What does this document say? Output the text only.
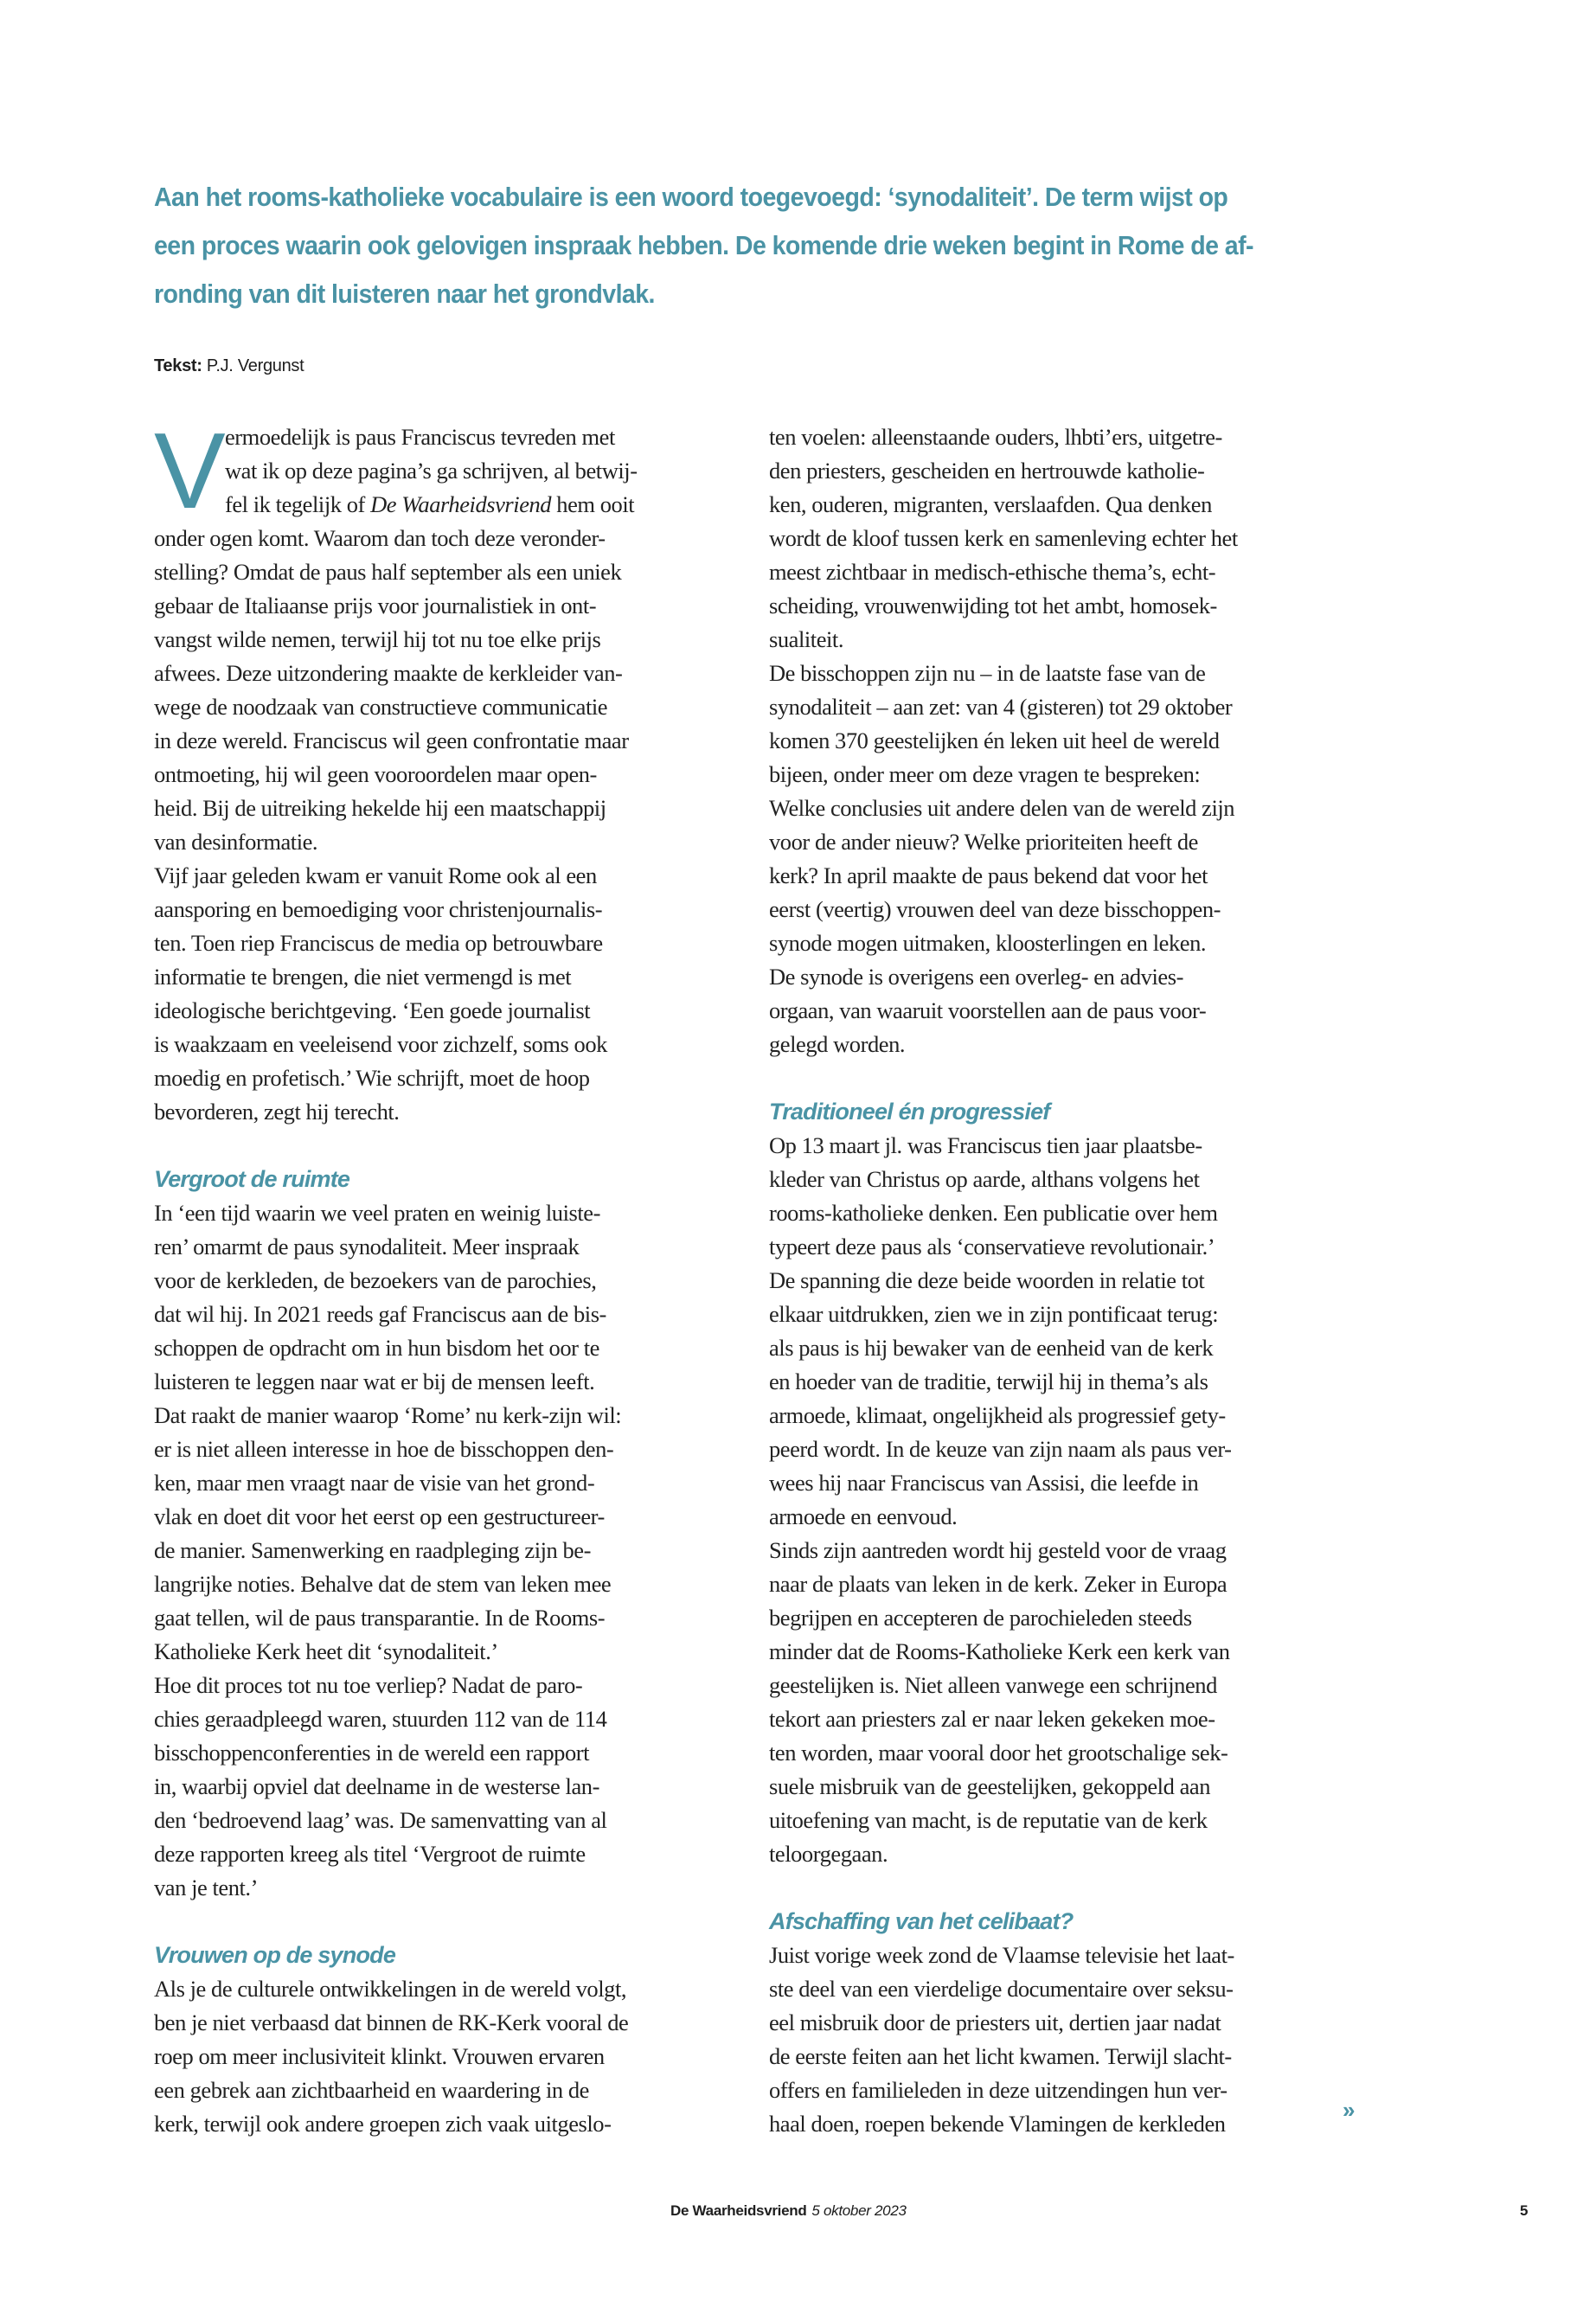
Aan het rooms-katholieke vocabulaire is een woord toegevoegd: ‘synodaliteit’. De term wijst op
een proces waarin ook gelovigen inspraak hebben. De komende drie weken begint in Rome de af-
ronding van dit luisteren naar het grondvlak.
Tekst: P.J. Vergunst
V ermoedelijk is paus Franciscus tevreden met
wat ik op deze pagina’s ga schrijven, al betwij-
fel ik tegelijk of De Waarheidsvriend hem ooit
onder ogen komt. Waarom dan toch deze veronder-
stelling? Omdat de paus half september als een uniek
gebaar de Italiaanse prijs voor journalistiek in ont-
vangst wilde nemen, terwijl hij tot nu toe elke prijs
afwees. Deze uitzondering maakte de kerkleider van-
wege de noodzaak van constructieve communicatie
in deze wereld. Franciscus wil geen confrontatie maar
ontmoeting, hij wil geen vooroordelen maar open-
heid. Bij de uitreiking hekelde hij een maatschappij
van desinformatie.
Vijf jaar geleden kwam er vanuit Rome ook al een
aansporing en bemoediging voor christenjournalis-
ten. Toen riep Franciscus de media op betrouwbare
informatie te brengen, die niet vermengd is met
ideologische berichtgeving. ‘Een goede journalist
is waakzaam en veeleisend voor zichzelf, soms ook
moedig en profetisch.’ Wie schrijft, moet de hoop
bevorderen, zegt hij terecht.
Vergroot de ruimte
In ‘een tijd waarin we veel praten en weinig luiste-
ren’ omarmt de paus synodaliteit. Meer inspraak
voor de kerkleden, de bezoekers van de parochies,
dat wil hij. In 2021 reeds gaf Franciscus aan de bis-
schoppen de opdracht om in hun bisdom het oor te
luisteren te leggen naar wat er bij de mensen leeft.
Dat raakt de manier waarop ‘Rome’ nu kerk-zijn wil:
er is niet alleen interesse in hoe de bisschoppen den-
ken, maar men vraagt naar de visie van het grond-
vlak en doet dit voor het eerst op een gestructureer-
de manier. Samenwerking en raadpleging zijn be-
langrijke noties. Behalve dat de stem van leken mee
gaat tellen, wil de paus transparantie. In de Rooms-
Katholieke Kerk heet dit ‘synodaliteit.’
Hoe dit proces tot nu toe verliep? Nadat de paro-
chies geraadpleegd waren, stuurden 112 van de 114
bisschoppenconferenties in de wereld een rapport
in, waarbij opviel dat deelname in de westerse lan-
den ‘bedroevend laag’ was. De samenvatting van al
deze rapporten kreeg als titel ‘Vergroot de ruimte
van je tent.’
Vrouwen op de synode
Als je de culturele ontwikkelingen in de wereld volgt,
ben je niet verbaasd dat binnen de RK-Kerk vooral de
roep om meer inclusiviteit klinkt. Vrouwen ervaren
een gebrek aan zichtbaarheid en waardering in de
kerk, terwijl ook andere groepen zich vaak uitgeslo-
ten voelen: alleenstaande ouders, lhbti’ers, uitgetre-
den priesters, gescheiden en hertrouwde katholie-
ken, ouderen, migranten, verslaafden. Qua denken
wordt de kloof tussen kerk en samenleving echter het
meest zichtbaar in medisch-ethische thema’s, echt-
scheiding, vrouwenwijding tot het ambt, homosek-
sualiteit.
De bisschoppen zijn nu – in de laatste fase van de
synodaliteit – aan zet: van 4 (gisteren) tot 29 oktober
komen 370 geestelijken én leken uit heel de wereld
bijeen, onder meer om deze vragen te bespreken:
Welke conclusies uit andere delen van de wereld zijn
voor de ander nieuw? Welke prioriteiten heeft de
kerk? In april maakte de paus bekend dat voor het
eerst (veertig) vrouwen deel van deze bisschoppen-
synode mogen uitmaken, kloosterlingen en leken.
De synode is overigens een overleg- en advies-
orgaan, van waaruit voorstellen aan de paus voor-
gelegd worden.
Traditioneel én progressief
Op 13 maart jl. was Franciscus tien jaar plaatsbe-
kleder van Christus op aarde, althans volgens het
rooms-katholieke denken. Een publicatie over hem
typeert deze paus als ‘conservatieve revolutionair.’
De spanning die deze beide woorden in relatie tot
elkaar uitdrukken, zien we in zijn pontificaat terug:
als paus is hij bewaker van de eenheid van de kerk
en hoeder van de traditie, terwijl hij in thema’s als
armoede, klimaat, ongelijkheid als progressief gety-
peerd wordt. In de keuze van zijn naam als paus ver-
wees hij naar Franciscus van Assisi, die leefde in
armoede en eenvoud.
Sinds zijn aantreden wordt hij gesteld voor de vraag
naar de plaats van leken in de kerk. Zeker in Europa
begrijpen en accepteren de parochieleden steeds
minder dat de Rooms-Katholieke Kerk een kerk van
geestelijken is. Niet alleen vanwege een schrijnend
tekort aan priesters zal er naar leken gekeken moe-
ten worden, maar vooral door het grootschalige sek-
suele misbruik van de geestelijken, gekoppeld aan
uitoefening van macht, is de reputatie van de kerk
teloorgegaan.
Afschaffing van het celibaat?
Juist vorige week zond de Vlaamse televisie het laat-
ste deel van een vierdelige documentaire over seksu-
eel misbruik door de priesters uit, dertien jaar nadat
de eerste feiten aan het licht kwamen. Terwijl slacht-
offers en familieleden in deze uitzendingen hun ver-
haal doen, roepen bekende Vlamingen de kerkleden
»
De Waarheidsvriend 5 oktober 2023	5
